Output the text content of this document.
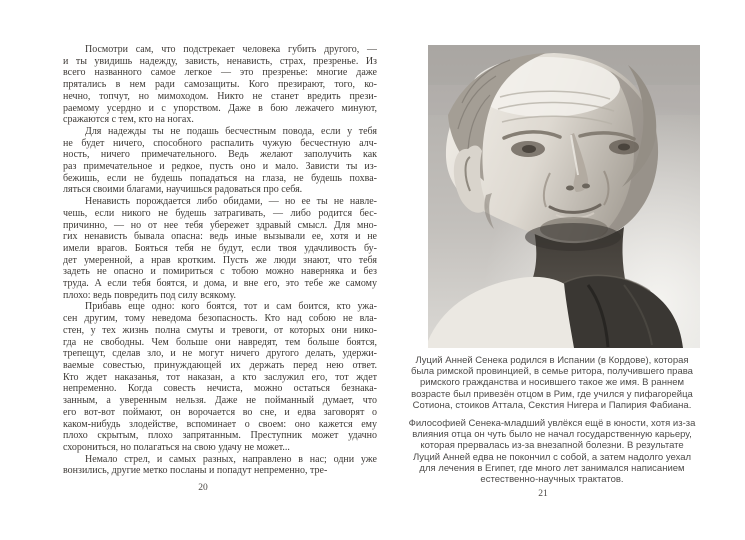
Посмотри сам, что подстрекает человека губить другого, —
и ты увидишь надежду, зависть, ненависть, страх, презренье. Из
всего названного самое легкое — это презренье: многие даже
прятались в нем ради самозащиты. Кого презирают, того, ко-
нечно, топчут, но мимоходом. Никто не станет вредить прези-
раемому усердно и с упорством. Даже в бою лежачего минуют,
сражаются с тем, кто на ногах.
Для надежды ты не подашь бесчестным повода, если у тебя
не будет ничего, способного распалить чужую бесчестную алч-
ность, ничего примечательного. Ведь желают заполучить как
раз примечательное и редкое, пусть оно и мало. Зависти ты из-
бежишь, если не будешь попадаться на глаза, не будешь похва-
ляться своими благами, научишься радоваться про себя.
Ненависть порождается либо обидами, — но ее ты не навле-
чешь, если никого не будешь затрагивать, — либо родится бес-
причинно, — но от нее тебя убережет здравый смысл. Для мно-
гих ненависть бывала опасна: ведь иные вызывали ее, хотя и не
имели врагов. Бояться тебя не будут, если твоя удачливость бу-
дет умеренной, а нрав кротким. Пусть же люди знают, что тебя
задеть не опасно и помириться с тобою можно наверняка и без
труда. А если тебя боятся, и дома, и вне его, это тебе же самому
плохо: ведь повредить под силу всякому.
Прибавь еще одно: кого боятся, тот и сам боится, кто ужа-
сен другим, тому неведома безопасность. Кто над собою не вла-
стен, у тех жизнь полна смуты и тревоги, от которых они нико-
гда не свободны. Чем больше они навредят, тем больше боятся,
трепещут, сделав зло, и не могут ничего другого делать, удержи-
ваемые совестью, принуждающей их держать перед нею ответ.
Кто ждет наказанья, тот наказан, а кто заслужил его, тот ждет
непременно. Когда совесть нечиста, можно остаться безнака-
занным, а уверенным нельзя. Даже не пойманный думает, что
его вот-вот поймают, он ворочается во сне, и едва заговорят о
каком-нибудь злодействе, вспоминает о своем: оно кажется ему
плохо скрытым, плохо запрятанным. Преступник может удачно
схорониться, но полагаться на свою удачу не может...
Немало стрел, и самых разных, направлено в нас; одни уже
вонзились, другие метко посланы и попадут непременно, тре-
20
Луций Анней Сенека родился в Испании (в Кордове), которая
была римской провинцией, в семье ритора, получившего права
римского гражданства и носившего такое же имя. В раннем
возрасте был привезён отцом в Рим, где учился у пифагорейца
Сотиона, стоиков Аттала, Секстия Нигера и Папирия Фабиана.
Философией Сенека-младший увлёкся ещё в юности, хотя из-за
влияния отца он чуть было не начал государственную карьеру,
которая прервалась из-за внезапной болезни. В результате
Луций Анней едва не покончил с собой, а затем надолго уехал
для лечения в Египет, где много лет занимался написанием
естественно-научных трактатов.
21
